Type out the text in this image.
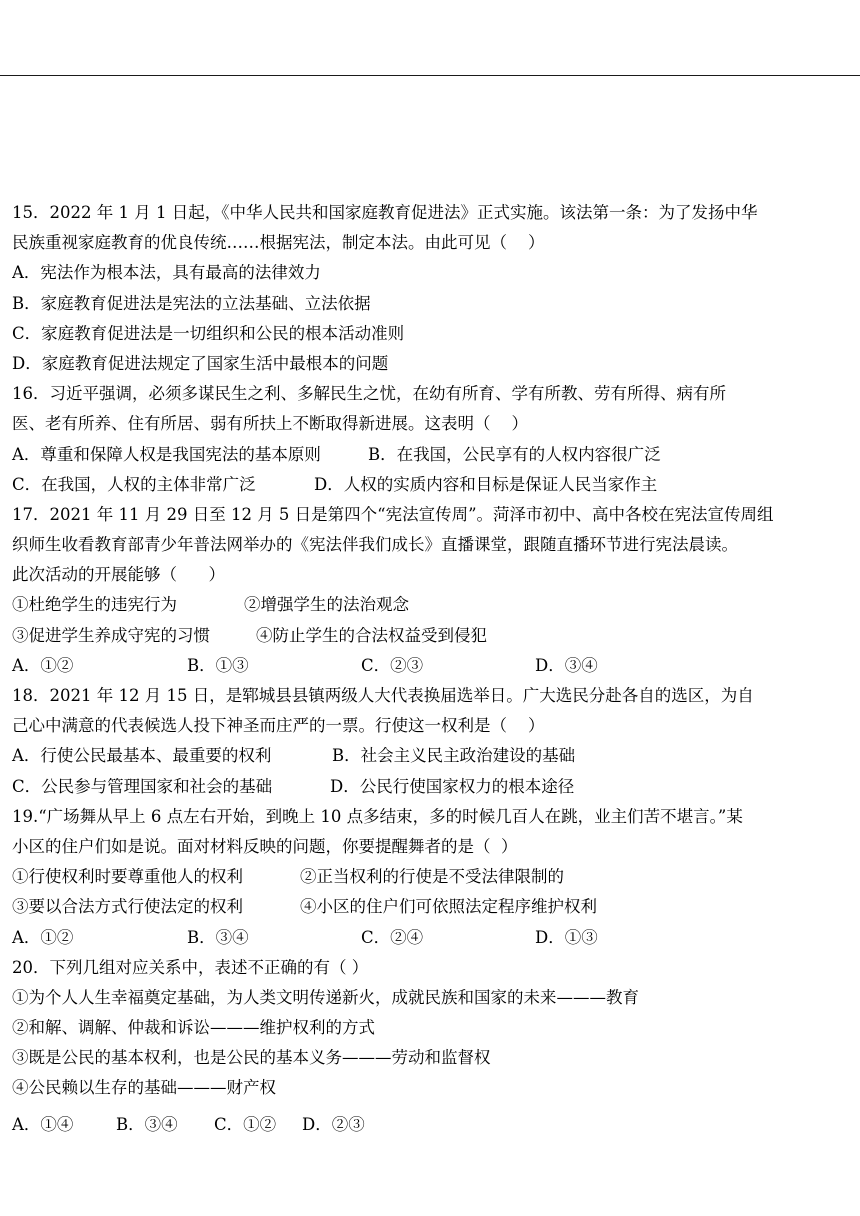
15．2022 年 1 月 1 日起，《中华人民共和国家庭教育促进法》正式实施。该法第一条：为了发扬中华
民族重视家庭教育的优良传统……根据宪法，制定本法。由此可见（    ）
A．宪法作为根本法，具有最高的法律效力
B．家庭教育促进法是宪法的立法基础、立法依据
C．家庭教育促进法是一切组织和公民的根本活动准则
D．家庭教育促进法规定了国家生活中最根本的问题
16．习近平强调，必须多谋民生之利、多解民生之忧，在幼有所育、学有所教、劳有所得、病有所
医、老有所养、住有所居、弱有所扶上不断取得新进展。这表明（    ）
A．尊重和保障人权是我国宪法的基本原则	B．在我国，公民享有的人权内容很广泛
C．在我国，人权的主体非常广泛	D．人权的实质内容和目标是保证人民当家作主
17．2021 年 11 月 29 日至 12 月 5 日是第四个“宪法宣传周”。菏泽市初中、高中各校在宪法宣传周组
织师生收看教育部青少年普法网举办的《宪法伴我们成长》直播课堂，跟随直播环节进行宪法晨读。
此次活动的开展能够（      ）
①杜绝学生的违宪行为	②增强学生的法治观念
③促进学生养成守宪的习惯	④防止学生的合法权益受到侵犯
A．①②	B．①③	C．②③	D．③④
18．2021 年 12 月 15 日，是郓城县县镇两级人大代表换届选举日。广大选民分赴各自的选区，为自
己心中满意的代表候选人投下神圣而庄严的一票。行使这一权利是（    ）
A．行使公民最基本、最重要的权利	B．社会主义民主政治建设的基础
C．公民参与管理国家和社会的基础	D．公民行使国家权力的根本途径
19.“广场舞从早上 6 点左右开始，到晚上 10 点多结束，多的时候几百人在跳，业主们苦不堪言。”某
小区的住户们如是说。面对材料反映的问题，你要提醒舞者的是（  ）
①行使权利时要尊重他人的权利	②正当权利的行使是不受法律限制的
③要以合法方式行使法定的权利	④小区的住户们可依照法定程序维护权利
A．①②	B．③④	C．②④	D．①③
20．下列几组对应关系中，表述不正确的有（ ）
①为个人人生幸福奠定基础，为人类文明传递新火，成就民族和国家的未来———教育
②和解、调解、仲裁和诉讼———维护权利的方式
③既是公民的基本权利，也是公民的基本义务———劳动和监督权
④公民赖以生存的基础———财产权
A．①④	B．③④ C．①② D．②③
